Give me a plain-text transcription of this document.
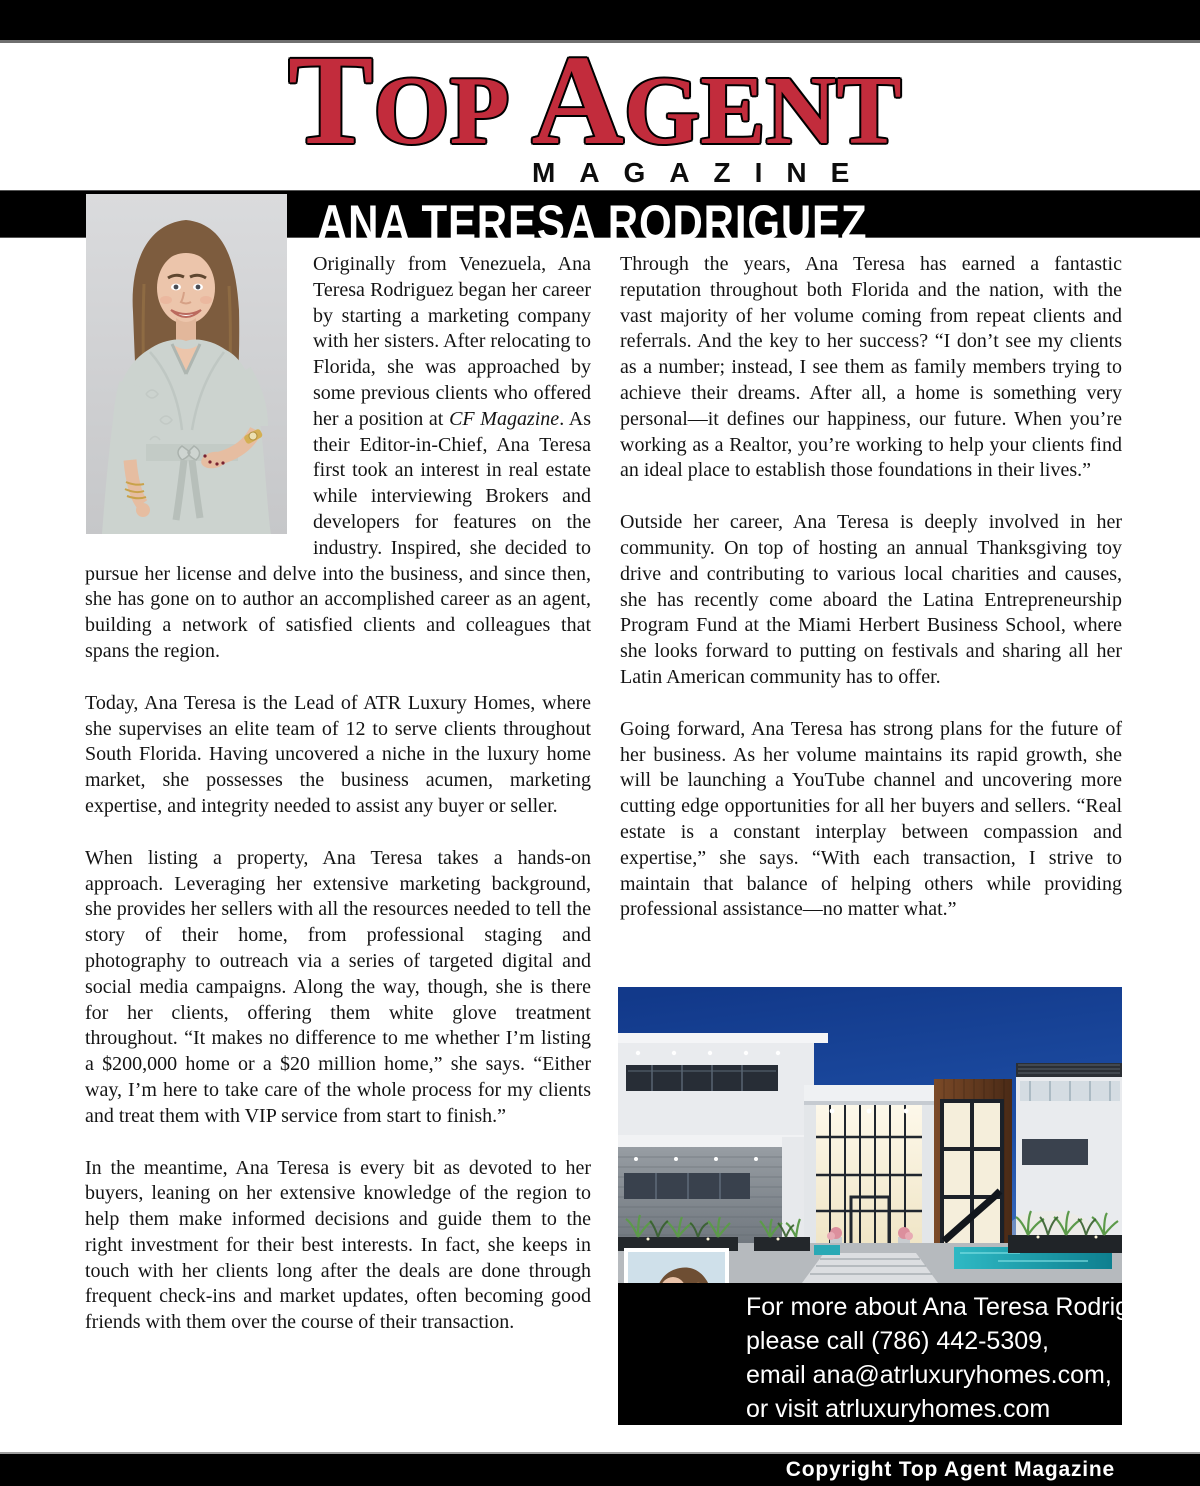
TOP AGENT
MAGAZINE
ANA TERESA RODRIGUEZ

Originally from Venezuela, Ana Teresa Rodriguez began her career by starting a marketing company with her sisters. After relocating to Florida, she was approached by some previous clients who offered her a position at CF Magazine. As their Editor-in-Chief, Ana Teresa first took an interest in real estate while interviewing Brokers and developers for features on the industry. Inspired, she decided to pursue her license and delve into the business, and since then, she has gone on to author an accomplished career as an agent, building a network of satisfied clients and colleagues that spans the region.

Today, Ana Teresa is the Lead of ATR Luxury Homes, where she supervises an elite team of 12 to serve clients throughout South Florida. Having uncovered a niche in the luxury home market, she possesses the business acumen, marketing expertise, and integrity needed to assist any buyer or seller.

When listing a property, Ana Teresa takes a hands-on approach. Leveraging her extensive marketing background, she provides her sellers with all the resources needed to tell the story of their home, from professional staging and photography to outreach via a series of targeted digital and social media campaigns. Along the way, though, she is there for her clients, offering them white glove treatment throughout. “It makes no difference to me whether I’m listing a $200,000 home or a $20 million home,” she says. “Either way, I’m here to take care of the whole process for my clients and treat them with VIP service from start to finish.”

In the meantime, Ana Teresa is every bit as devoted to her buyers, leaning on her extensive knowledge of the region to help them make informed decisions and guide them to the right investment for their best interests. In fact, she keeps in touch with her clients long after the deals are done through frequent check-ins and market updates, often becoming good friends with them over the course of their transaction.

Through the years, Ana Teresa has earned a fantastic reputation throughout both Florida and the nation, with the vast majority of her volume coming from repeat clients and referrals. And the key to her success? “I don’t see my clients as a number; instead, I see them as family members trying to achieve their dreams. After all, a home is something very personal—it defines our happiness, our future. When you’re working as a Realtor, you’re working to help your clients find an ideal place to establish those foundations in their lives.”

Outside her career, Ana Teresa is deeply involved in her community. On top of hosting an annual Thanksgiving toy drive and contributing to various local charities and causes, she has recently come aboard the Latina Entrepreneurship Program Fund at the Miami Herbert Business School, where she looks forward to putting on festivals and sharing all her Latin American community has to offer.

Going forward, Ana Teresa has strong plans for the future of her business. As her volume maintains its rapid growth, she will be launching a YouTube channel and uncovering more cutting edge opportunities for all her buyers and sellers. “Real estate is a constant interplay between compassion and expertise,” she says. “With each transaction, I strive to maintain that balance of helping others while providing professional assistance—no matter what.”

For more about Ana Teresa Rodriguez
please call (786) 442-5309,
email ana@atrluxuryhomes.com,
or visit atrluxuryhomes.com
Copyright Top Agent Magazine
